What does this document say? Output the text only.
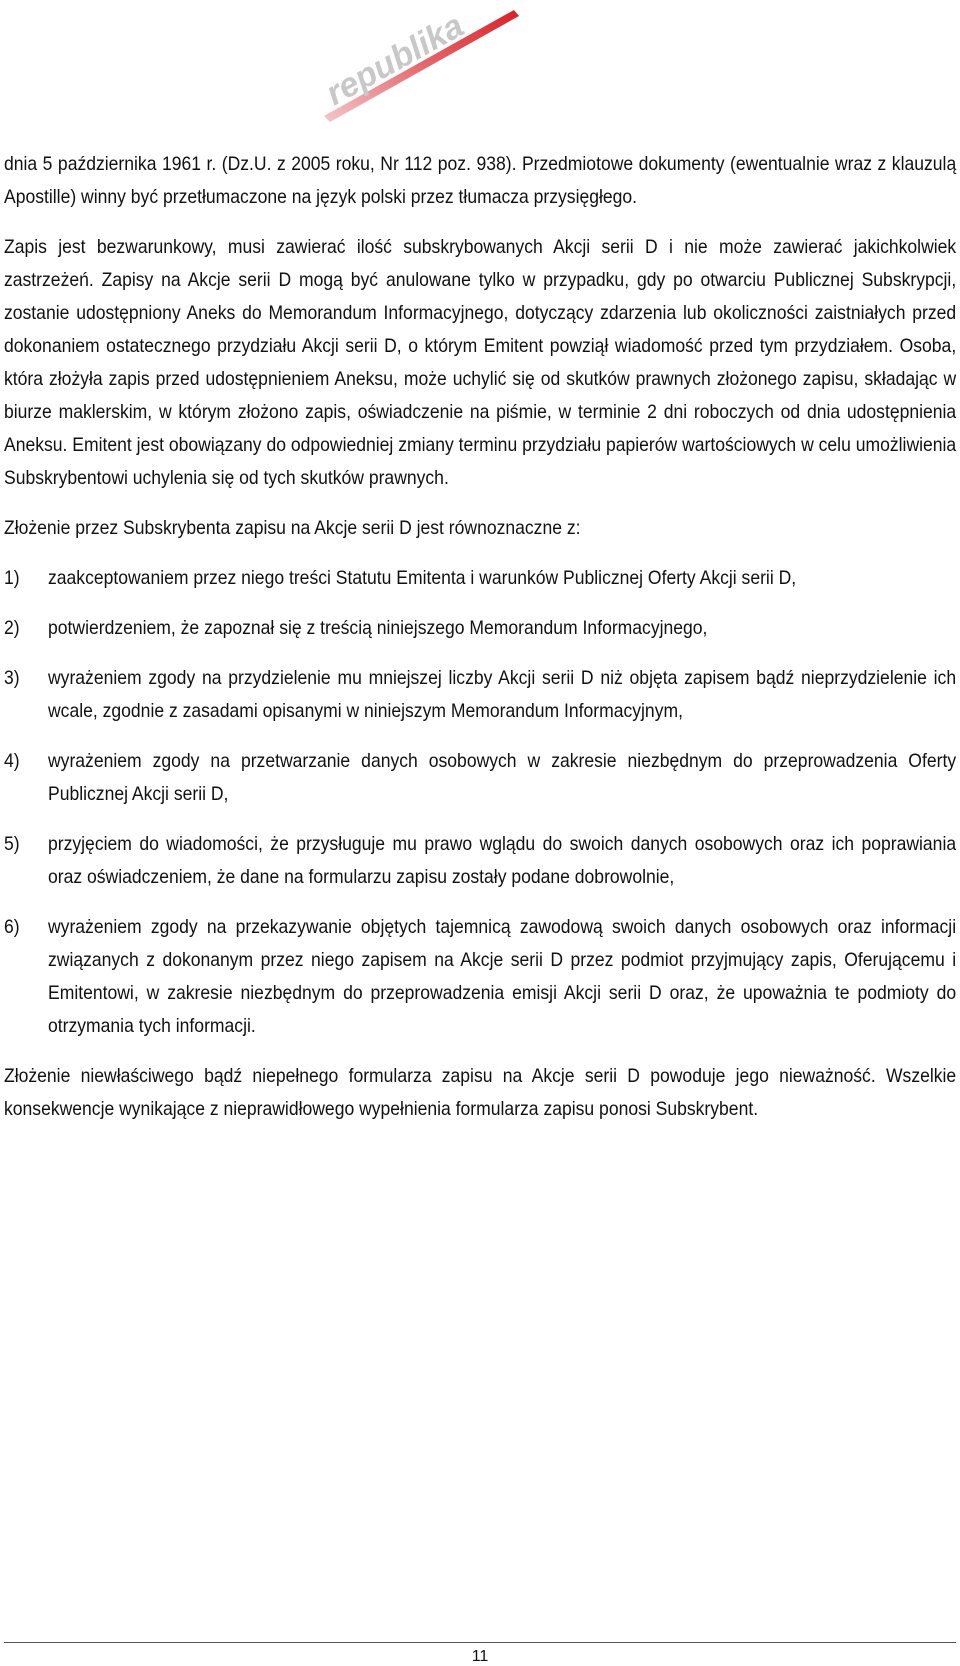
republika

dnia 5 października 1961 r. (Dz.U. z 2005 roku, Nr 112 poz. 938). Przedmiotowe dokumenty (ewentualnie wraz z klauzulą Apostille) winny być przetłumaczone na język polski przez tłumacza przysięgłego.

Zapis jest bezwarunkowy, musi zawierać ilość subskrybowanych Akcji serii D i nie może zawierać jakichkolwiek zastrzeżeń. Zapisy na Akcje serii D mogą być anulowane tylko w przypadku, gdy po otwarciu Publicznej Subskrypcji, zostanie udostępniony Aneks do Memorandum Informacyjnego, dotyczący zdarzenia lub okoliczności zaistniałych przed dokonaniem ostatecznego przydziału Akcji serii D, o którym Emitent powziął wiadomość przed tym przydziałem. Osoba, która złożyła zapis przed udostępnieniem Aneksu, może uchylić się od skutków prawnych złożonego zapisu, składając w biurze maklerskim, w którym złożono zapis, oświadczenie na piśmie, w terminie 2 dni roboczych od dnia udostępnienia Aneksu. Emitent jest obowiązany do odpowiedniej zmiany terminu przydziału papierów wartościowych w celu umożliwienia Subskrybentowi uchylenia się od tych skutków prawnych.

Złożenie przez Subskrybenta zapisu na Akcje serii D jest równoznaczne z:

1) zaakceptowaniem przez niego treści Statutu Emitenta i warunków Publicznej Oferty Akcji serii D,

2) potwierdzeniem, że zapoznał się z treścią niniejszego Memorandum Informacyjnego,

3) wyrażeniem zgody na przydzielenie mu mniejszej liczby Akcji serii D niż objęta zapisem bądź nieprzydzielenie ich wcale, zgodnie z zasadami opisanymi w niniejszym Memorandum Informacyjnym,

4) wyrażeniem zgody na przetwarzanie danych osobowych w zakresie niezbędnym do przeprowadzenia Oferty Publicznej Akcji serii D,

5) przyjęciem do wiadomości, że przysługuje mu prawo wglądu do swoich danych osobowych oraz ich poprawiania oraz oświadczeniem, że dane na formularzu zapisu zostały podane dobrowolnie,

6) wyrażeniem zgody na przekazywanie objętych tajemnicą zawodową swoich danych osobowych oraz informacji związanych z dokonanym przez niego zapisem na Akcje serii D przez podmiot przyjmujący zapis, Oferującemu i Emitentowi, w zakresie niezbędnym do przeprowadzenia emisji Akcji serii D oraz, że upoważnia te podmioty do otrzymania tych informacji.

Złożenie niewłaściwego bądź niepełnego formularza zapisu na Akcje serii D powoduje jego nieważność. Wszelkie konsekwencje wynikające z nieprawidłowego wypełnienia formularza zapisu ponosi Subskrybent.

11
